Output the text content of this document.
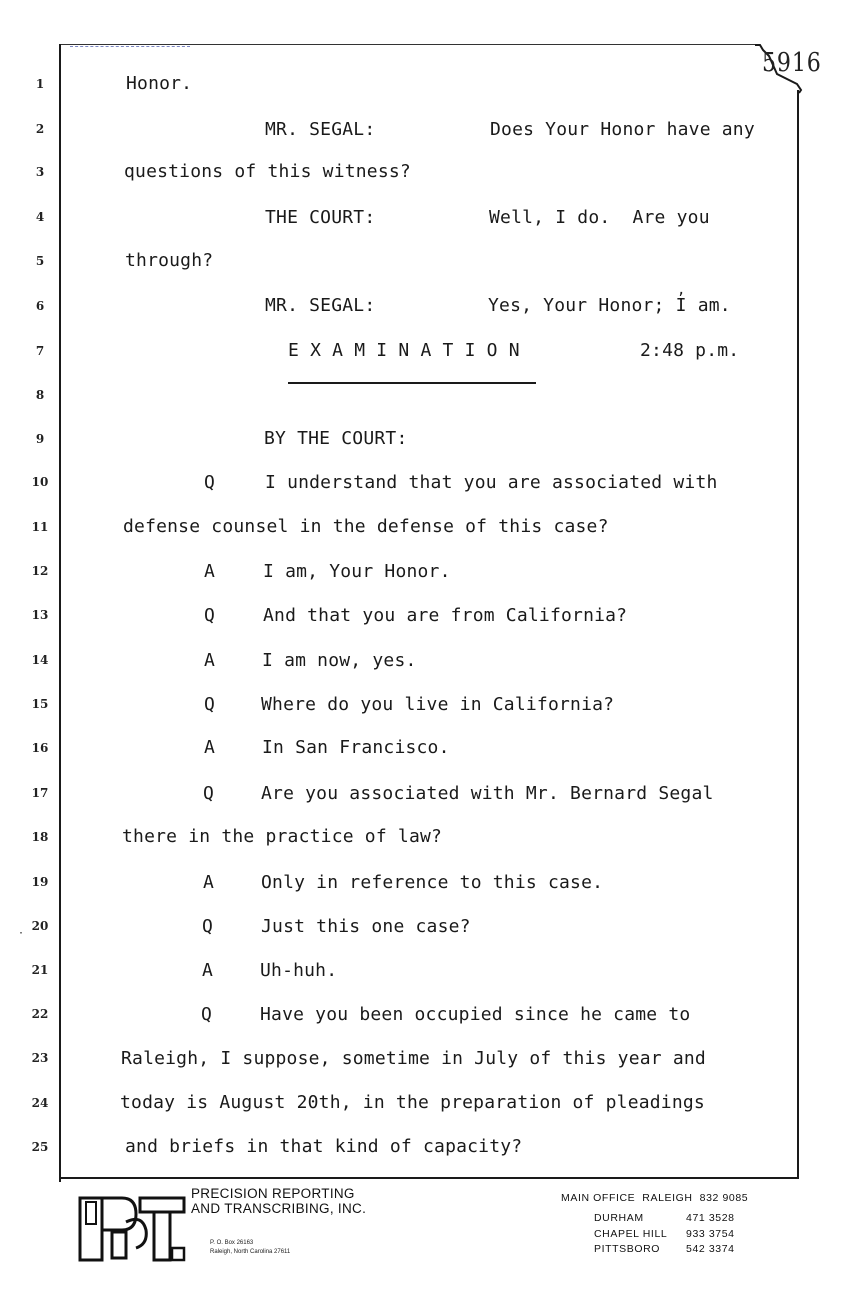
5916
1
2
3
4
5
6
7
8
9
10
11
12
13
14
15
16
17
18
19
·
20
21
22
23
24
25
Honor.
MR. SEGAL:	Does Your Honor have any
questions of this witness?
THE COURT:	Well, I do.  Are you
through?
,
MR. SEGAL:	Yes, Your Honor; I am.
E X A M I N A T I O N	2:48 p.m.
BY THE COURT:
Q	I understand that you are associated with
defense counsel in the defense of this case?
A	I am, Your Honor.
Q	And that you are from California?
A	I am now, yes.
Q	Where do you live in California?
A	In San Francisco.
Q	Are you associated with Mr. Bernard Segal
there in the practice of law?
A	Only in reference to this case.
Q	Just this one case?
A	Uh-huh.
Q	Have you been occupied since he came to
Raleigh, I suppose, sometime in July of this year and
today is August 20th, in the preparation of pleadings
and briefs in that kind of capacity?
P&T	PRECISION REPORTING
AND TRANSCRIBING, INC.
P. O. Box 26163
Raleigh, North Carolina 27611
MAIN OFFICE  RALEIGH  832 9085
DURHAM	471 3528
CHAPEL HILL 933 3754
PITTSBORO 542 3374
